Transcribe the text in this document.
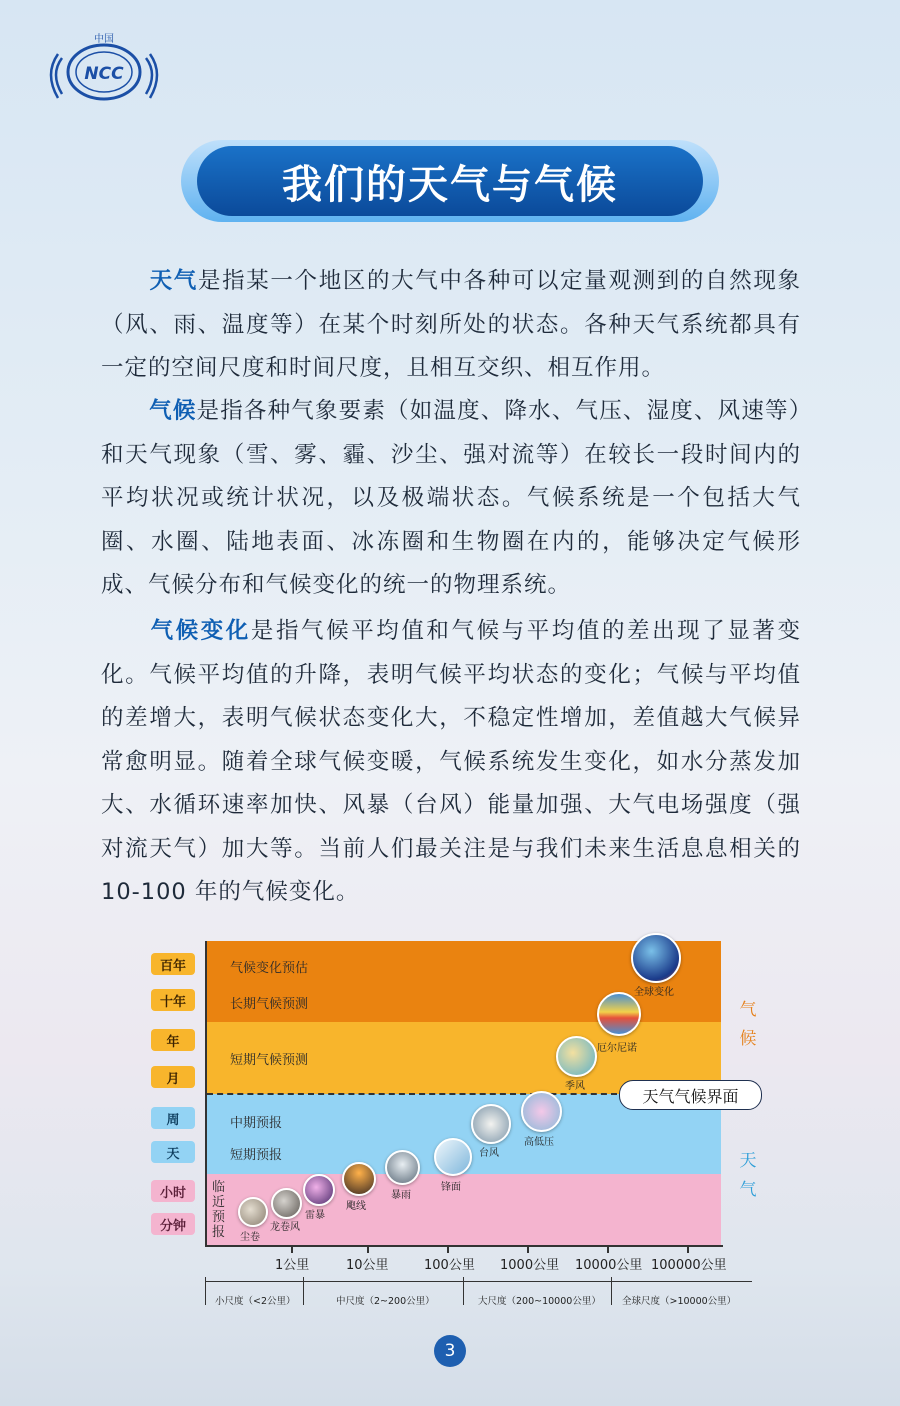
中国
NCC
我们的天气与气候
天气是指某一个地区的大气中各种可以定量观测到的自然现象（风、雨、温度等）在某个时刻所处的状态。各种天气系统都具有一定的空间尺度和时间尺度，且相互交织、相互作用。
气候是指各种气象要素（如温度、降水、气压、湿度、风速等）和天气现象（雪、雾、霾、沙尘、强对流等）在较长一段时间内的平均状况或统计状况，以及极端状态。气候系统是一个包括大气圈、水圈、陆地表面、冰冻圈和生物圈在内的，能够决定气候形成、气候分布和气候变化的统一的物理系统。
气候变化是指气候平均值和气候与平均值的差出现了显著变化。气候平均值的升降，表明气候平均状态的变化；气候与平均值的差增大，表明气候状态变化大，不稳定性增加，差值越大气候异常愈明显。随着全球气候变暖，气候系统发生变化，如水分蒸发加大、水循环速率加快、风暴（台风）能量加强、大气电场强度（强对流天气）加大等。当前人们最关注是与我们未来生活息息相关的 10-100 年的气候变化。
百年
十年
年
月
周
天
小时
分钟
气候变化预估
长期气候预测
短期气候预测
中期预报
短期预报
临近预报
气候
天气
天气气候界面
尘卷
龙卷风
雷暴
飑线
暴雨
锋面
台风
高低压
季风
厄尔尼诺
全球变化
1公里	10公里	100公里 1000公里 10000公里 100000公里
小尺度（<2公里）	中尺度（2~200公里）	大尺度（200~10000公里） 全球尺度（>10000公里）
3
